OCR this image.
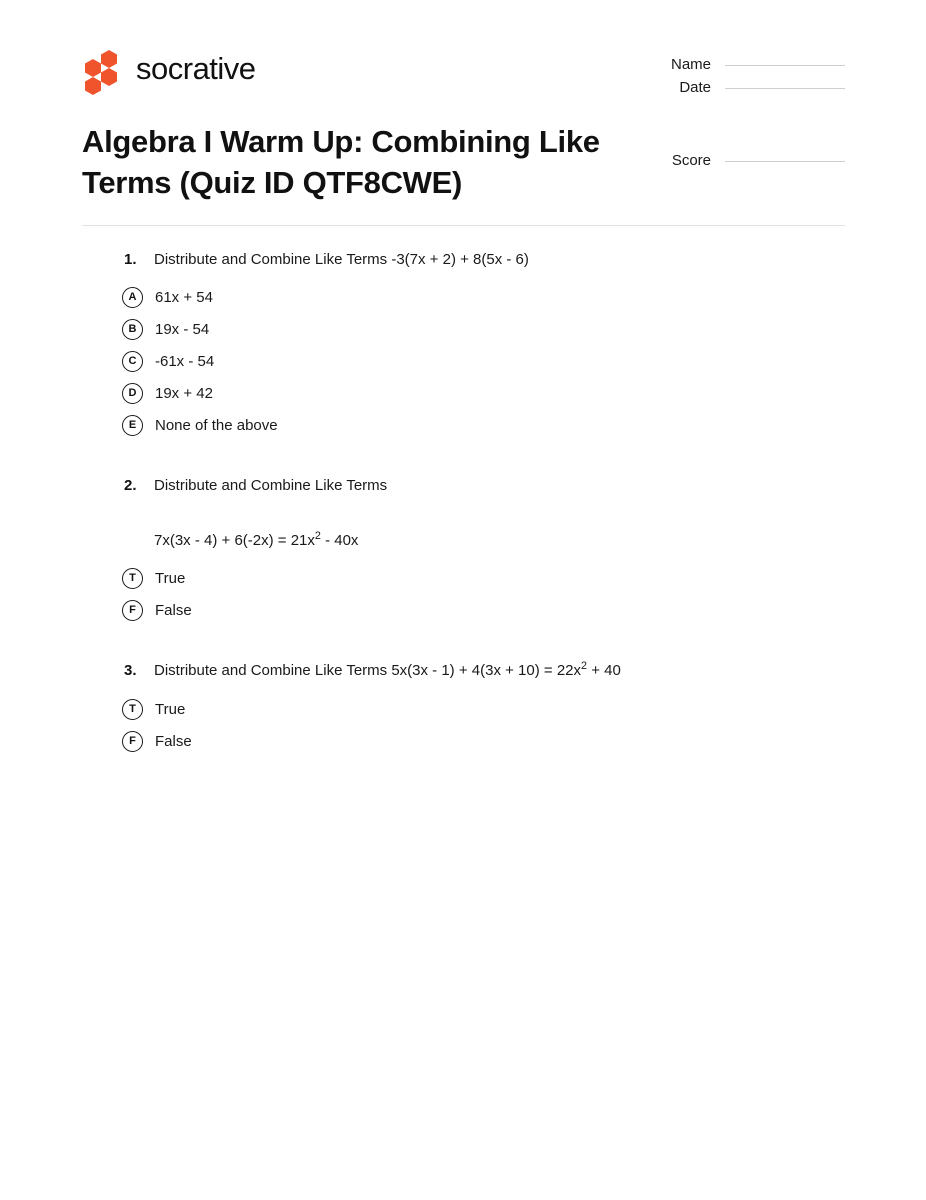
socrative	Name
Date
Score
Algebra I Warm Up: Combining Like Terms (Quiz ID QTF8CWE)
1.	Distribute and Combine Like Terms -3(7x + 2) + 8(5x - 6)
A	61x + 54
B	19x - 54
C	-61x - 54
D	19x + 42
E	None of the above
2.	Distribute and Combine Like Terms
$7x(3x - 4) + 6(-2x) = 21x^2 - 40x$
T	True
F	False
3.	Distribute and Combine Like Terms $5x(3x - 1) + 4(3x + 10) = 22x^2 + 40$
T	True
F	False
